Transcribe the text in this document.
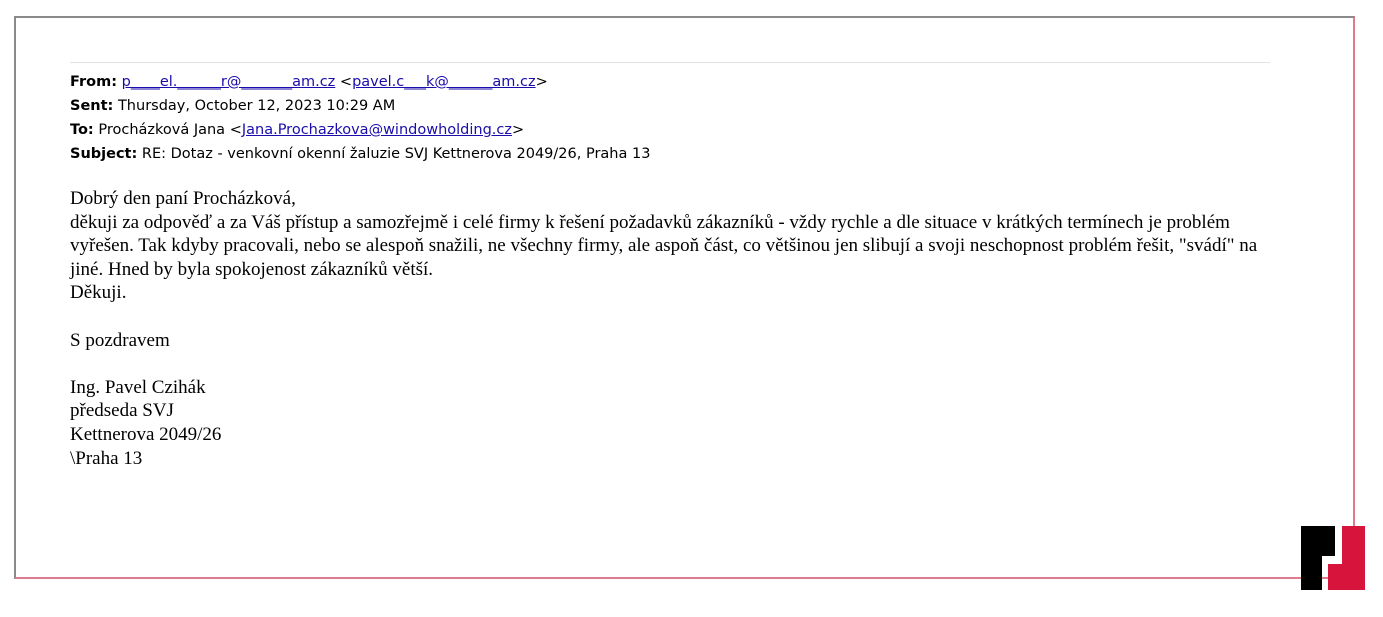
From: p____el.______r@_______am.cz <pavel.c___k@______am.cz>
Sent: Thursday, October 12, 2023 10:29 AM
To: Procházková Jana <Jana.Prochazkova@windowholding.cz>
Subject: RE: Dotaz - venkovní okenní žaluzie SVJ Kettnerova 2049/26, Praha 13

Dobrý den paní Procházková,

děkuji za odpověď a za Váš přístup a samozřejmě i celé firmy k řešení požadavků zákazníků - vždy rychle a dle situace v krátkých termínech je problém vyřešen. Tak kdyby pracovali, nebo se alespoň snažili, ne všechny firmy, ale aspoň část, co většinou jen slibují a svoji neschopnost problém řešit, "svádí" na jiné. Hned by byla spokojenost zákazníků větší.

Děkuji.

S pozdravem

Ing. Pavel Czihák

předseda SVJ

Kettnerova 2049/26

\Praha 13
